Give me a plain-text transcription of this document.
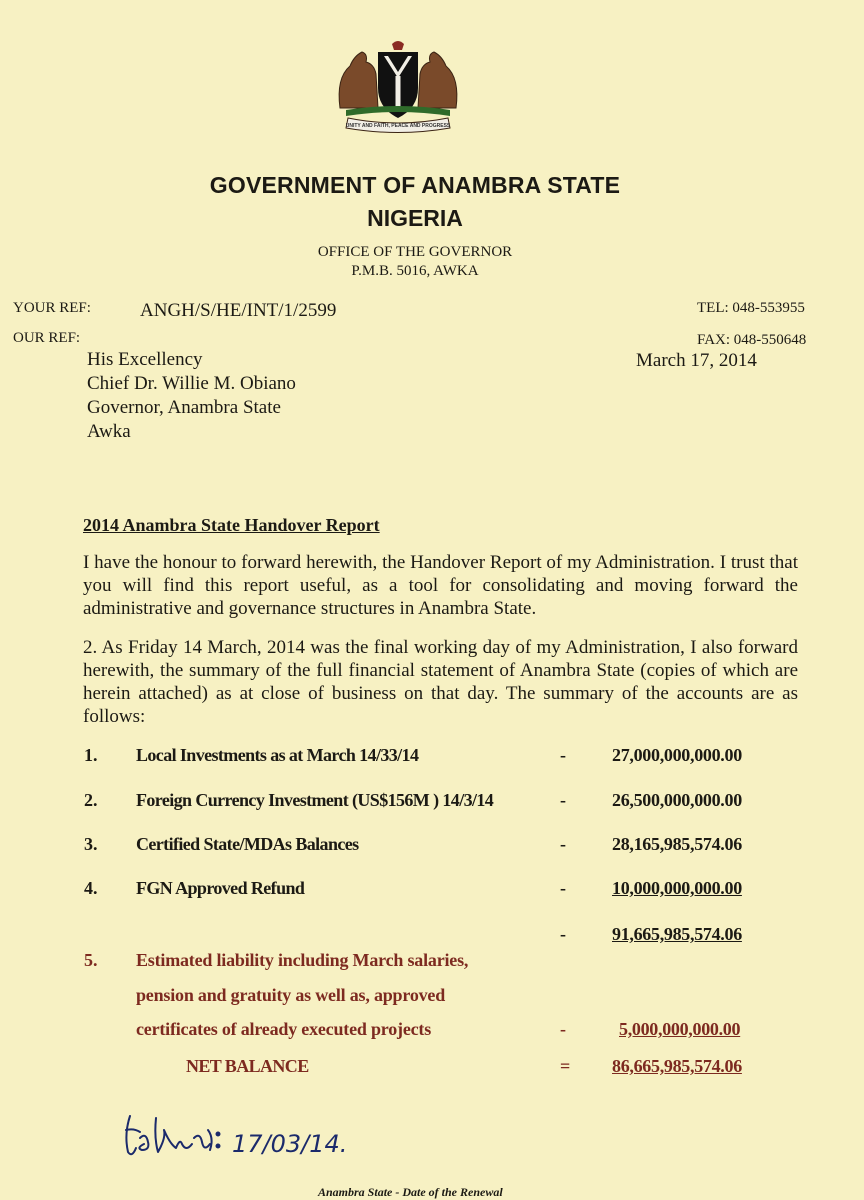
UNITY AND FAITH, PEACE AND PROGRESS
GOVERNMENT OF ANAMBRA STATE
NIGERIA
OFFICE OF THE GOVERNOR
P.M.B. 5016, AWKA
YOUR REF:	ANGH/S/HE/INT/1/2599
OUR REF:
TEL: 048-553955
FAX: 048-550648
His Excellency
Chief Dr. Willie M. Obiano
Governor, Anambra State
Awka
March 17, 2014
2014 Anambra State Handover Report
I have the honour to forward herewith, the Handover Report of my Administration. I trust that you will find this report useful, as a tool for consolidating and moving forward the administrative and governance structures in Anambra State.
2. As Friday 14 March, 2014 was the final working day of my Administration, I also forward herewith, the summary of the full financial statement of Anambra State (copies of which are herein attached) as at close of business on that day. The summary of the accounts are as follows:
1. Local Investments as at March 14/33/14	-	27,000,000,000.00
2. Foreign Currency Investment (US$156M ) 14/3/14	-	26,500,000,000.00
3. Certified State/MDAs Balances	-	28,165,985,574.06
4. FGN Approved Refund	-	10,000,000,000.00
-	91,665,985,574.06
5. Estimated liability including March salaries,
pension and gratuity as well as, approved
certificates of already executed projects	-	5,000,000,000.00
NET BALANCE	= 86,665,985,574.06
17/03/14.
Anambra State - Date of the Renewal
